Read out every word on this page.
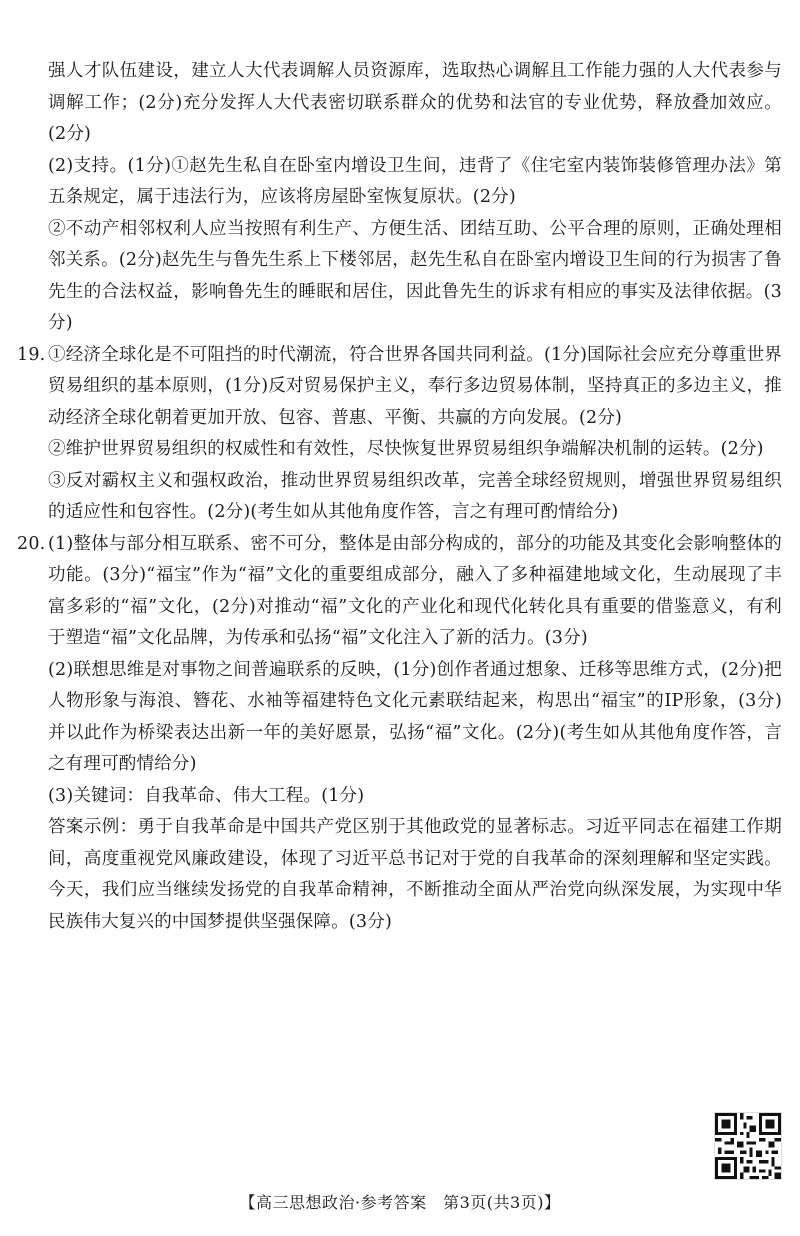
强人才队伍建设，建立人大代表调解人员资源库，选取热心调解且工作能力强的人大代表参与调解工作；(2分)充分发挥人大代表密切联系群众的优势和法官的专业优势，释放叠加效应。(2分)

(2)支持。(1分)①赵先生私自在卧室内增设卫生间，违背了《住宅室内装饰装修管理办法》第五条规定，属于违法行为，应该将房屋卧室恢复原状。(2分)

②不动产相邻权利人应当按照有利生产、方便生活、团结互助、公平合理的原则，正确处理相邻关系。(2分)赵先生与鲁先生系上下楼邻居，赵先生私自在卧室内增设卫生间的行为损害了鲁先生的合法权益，影响鲁先生的睡眠和居住，因此鲁先生的诉求有相应的事实及法律依据。(3分)

19. ①经济全球化是不可阻挡的时代潮流，符合世界各国共同利益。(1分)国际社会应充分尊重世界贸易组织的基本原则，(1分)反对贸易保护主义，奉行多边贸易体制，坚持真正的多边主义，推动经济全球化朝着更加开放、包容、普惠、平衡、共赢的方向发展。(2分)

②维护世界贸易组织的权威性和有效性，尽快恢复世界贸易组织争端解决机制的运转。(2分)

③反对霸权主义和强权政治，推动世界贸易组织改革，完善全球经贸规则，增强世界贸易组织的适应性和包容性。(2分)(考生如从其他角度作答，言之有理可酌情给分)

20. (1)整体与部分相互联系、密不可分，整体是由部分构成的，部分的功能及其变化会影响整体的功能。(3分)“福宝”作为“福”文化的重要组成部分，融入了多种福建地域文化，生动展现了丰富多彩的“福”文化，(2分)对推动“福”文化的产业化和现代化转化具有重要的借鉴意义，有利于塑造“福”文化品牌，为传承和弘扬“福”文化注入了新的活力。(3分)

(2)联想思维是对事物之间普遍联系的反映，(1分)创作者通过想象、迁移等思维方式，(2分)把人物形象与海浪、簪花、水袖等福建特色文化元素联结起来，构思出“福宝”的IP形象，(3分)并以此作为桥梁表达出新一年的美好愿景，弘扬“福”文化。(2分)(考生如从其他角度作答，言之有理可酌情给分)

(3)关键词：自我革命、伟大工程。(1分)

答案示例：勇于自我革命是中国共产党区别于其他政党的显著标志。习近平同志在福建工作期间，高度重视党风廉政建设，体现了习近平总书记对于党的自我革命的深刻理解和坚定实践。今天，我们应当继续发扬党的自我革命精神，不断推动全面从严治党向纵深发展，为实现中华民族伟大复兴的中国梦提供坚强保障。(3分)

【高三思想政治·参考答案　第3页(共3页)】
